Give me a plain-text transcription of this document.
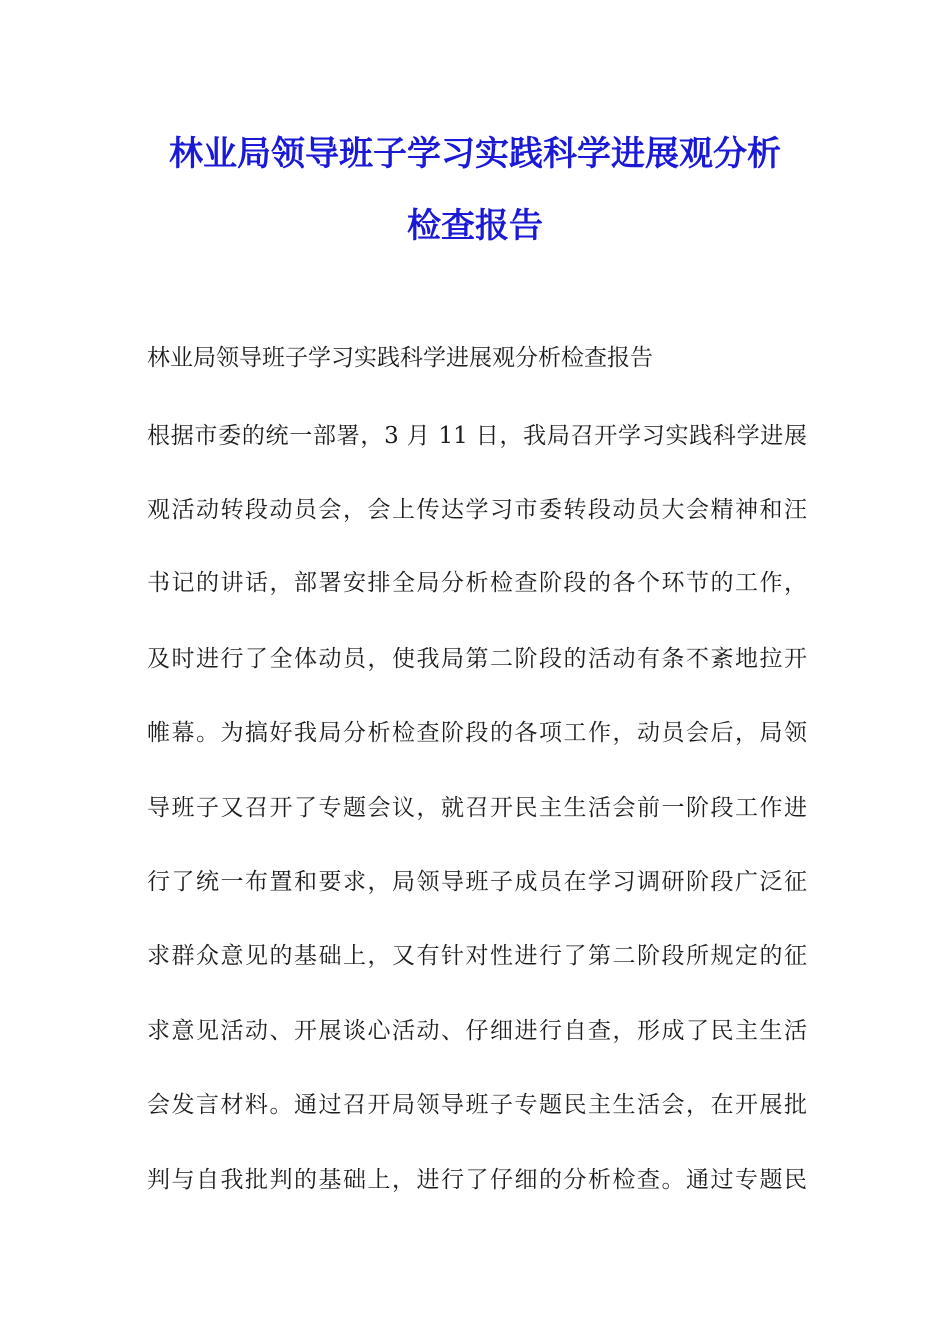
林业局领导班子学习实践科学进展观分析
检查报告
林业局领导班子学习实践科学进展观分析检查报告
根据市委的统一部署，3 月 11 日，我局召开学习实践科学进展
观活动转段动员会，会上传达学习市委转段动员大会精神和汪
书记的讲话，部署安排全局分析检查阶段的各个环节的工作，
及时进行了全体动员，使我局第二阶段的活动有条不紊地拉开
帷幕。为搞好我局分析检查阶段的各项工作，动员会后，局领
导班子又召开了专题会议，就召开民主生活会前一阶段工作进
行了统一布置和要求，局领导班子成员在学习调研阶段广泛征
求群众意见的基础上，又有针对性进行了第二阶段所规定的征
求意见活动、开展谈心活动、仔细进行自查，形成了民主生活
会发言材料。通过召开局领导班子专题民主生活会，在开展批
判与自我批判的基础上，进行了仔细的分析检查。通过专题民
